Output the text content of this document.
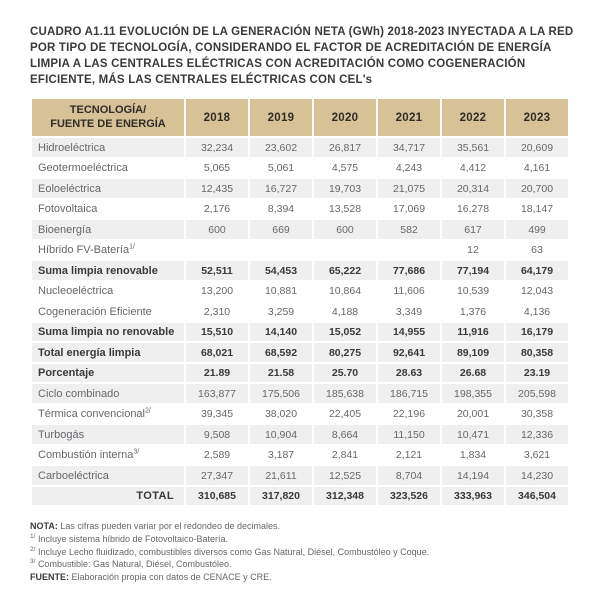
CUADRO A1.11 EVOLUCIÓN DE LA GENERACIÓN NETA (GWh) 2018-2023 INYECTADA A LA RED POR TIPO DE TECNOLOGÍA, CONSIDERANDO EL FACTOR DE ACREDITACIÓN DE ENERGÍA LIMPIA A LAS CENTRALES ELÉCTRICAS CON ACREDITACIÓN COMO COGENERACIÓN EFICIENTE, MÁS LAS CENTRALES ELÉCTRICAS CON CEL's

TECNOLOGÍA/
FUENTE DE ENERGÍA	2018	2019	2020	2021	2022	2023
Hidroeléctrica	32,234	23,602	26,817	34,717	35,561	20,609
Geotermoeléctrica	5,065	5,061	4,575	4,243	4,412	4,161
Eoloeléctrica	12,435	16,727	19,703	21,075	20,314	20,700
Fotovoltaica	2,176	8,394	13,528	17,069	16,278	18,147
Bioenergía	600	669	600	582	617	499
Híbrido FV-Batería$^{1/}$					12	63
Suma limpia renovable	52,511	54,453	65,222	77,686	77,194	64,179
Nucleoeléctrica	13,200	10,881	10,864	11,606	10,539	12,043
Cogeneración Eficiente	2,310	3,259	4,188	3,349	1,376	4,136
Suma limpia no renovable	15,510	14,140	15,052	14,955	11,916	16,179
Total energía limpia	68,021	68,592	80,275	92,641	89,109	80,358
Porcentaje	21.89	21.58	25.70	28.63	26.68	23.19
Ciclo combinado	163,877	175,506	185,638	186,715	198,355	205,598
Térmica convencional$^{2/}$	39,345	38,020	22,405	22,196	20,001	30,358
Turbogás	9,508	10,904	8,664	11,150	10,471	12,336
Combustión interna$^{3/}$	2,589	3,187	2,841	2,121	1,834	3,621
Carboeléctrica	27,347	21,611	12,525	8,704	14,194	14,230
TOTAL	310,685	317,820	312,348	323,526	333,963	346,504

NOTA: Las cifras pueden variar por el redondeo de decimales.

$^{1/}$ Incluye sistema híbrido de Fotovoltaico-Batería.

$^{2/}$ Incluye Lecho fluidizado, combustibles diversos como Gas Natural, Diésel, Combustóleo y Coque.

$^{3/}$ Combustible: Gas Natural, Diésel, Combustóleo.

FUENTE: Elaboración propia con datos de CENACE y CRE.
